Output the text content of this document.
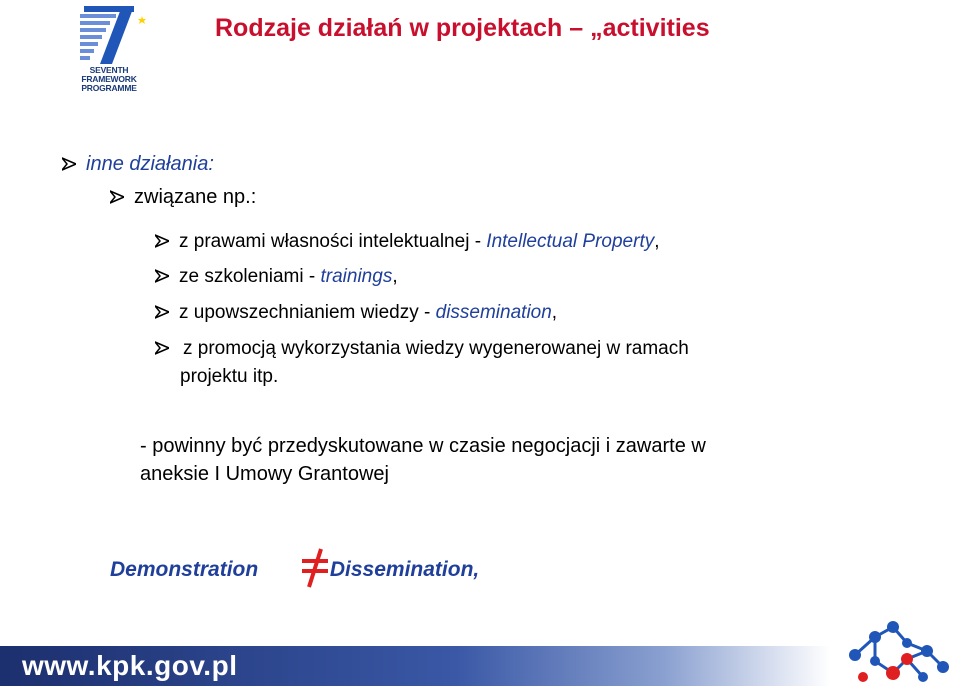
SEVENTH FRAMEWORK
PROGRAMME
Rodzaje działań w projektach – „activities
inne działania:
związane np.:
z prawami własności intelektualnej - Intellectual Property,
ze szkoleniami - trainings,
z upowszechnianiem wiedzy - dissemination,
z promocją wykorzystania wiedzy wygenerowanej w ramach
projektu itp.
- powinny być przedyskutowane w czasie negocjacji i zawarte w
aneksie I Umowy Grantowej
Demonstration	Dissemination,
www.kpk.gov.pl
